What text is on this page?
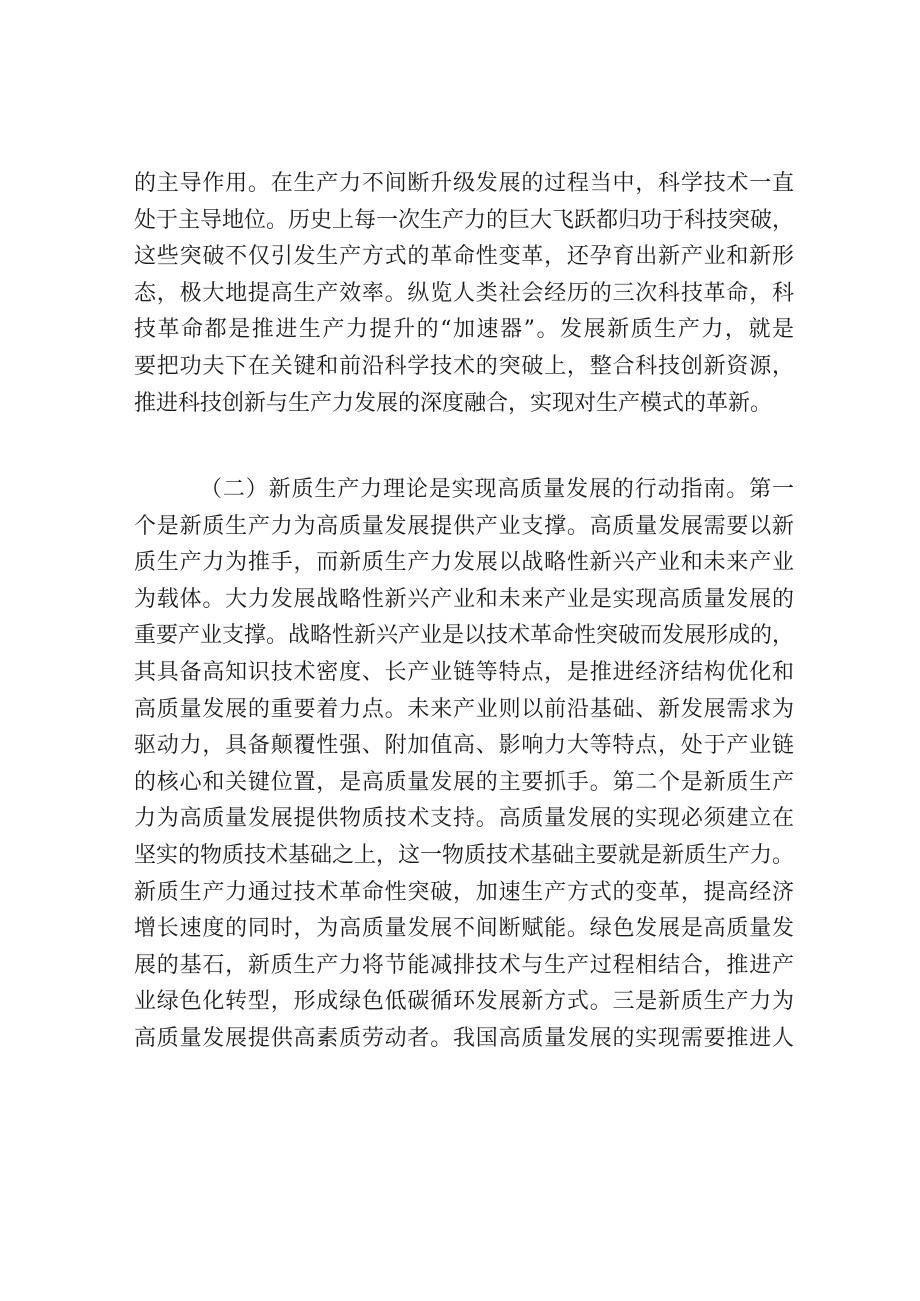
的主导作用。在生产力不间断升级发展的过程当中，科学技术一直
处于主导地位。历史上每一次生产力的巨大飞跃都归功于科技突破，
这些突破不仅引发生产方式的革命性变革，还孕育出新产业和新形
态，极大地提高生产效率。纵览人类社会经历的三次科技革命，科
技革命都是推进生产力提升的“加速器”。发展新质生产力，就是
要把功夫下在关键和前沿科学技术的突破上，整合科技创新资源，
推进科技创新与生产力发展的深度融合，实现对生产模式的革新。
（二）新质生产力理论是实现高质量发展的行动指南。第一
个是新质生产力为高质量发展提供产业支撑。高质量发展需要以新
质生产力为推手，而新质生产力发展以战略性新兴产业和未来产业
为载体。大力发展战略性新兴产业和未来产业是实现高质量发展的
重要产业支撑。战略性新兴产业是以技术革命性突破而发展形成的，
其具备高知识技术密度、长产业链等特点，是推进经济结构优化和
高质量发展的重要着力点。未来产业则以前沿基础、新发展需求为
驱动力，具备颠覆性强、附加值高、影响力大等特点，处于产业链
的核心和关键位置，是高质量发展的主要抓手。第二个是新质生产
力为高质量发展提供物质技术支持。高质量发展的实现必须建立在
坚实的物质技术基础之上，这一物质技术基础主要就是新质生产力。
新质生产力通过技术革命性突破，加速生产方式的变革，提高经济
增长速度的同时，为高质量发展不间断赋能。绿色发展是高质量发
展的基石，新质生产力将节能减排技术与生产过程相结合，推进产
业绿色化转型，形成绿色低碳循环发展新方式。三是新质生产力为
高质量发展提供高素质劳动者。我国高质量发展的实现需要推进人
